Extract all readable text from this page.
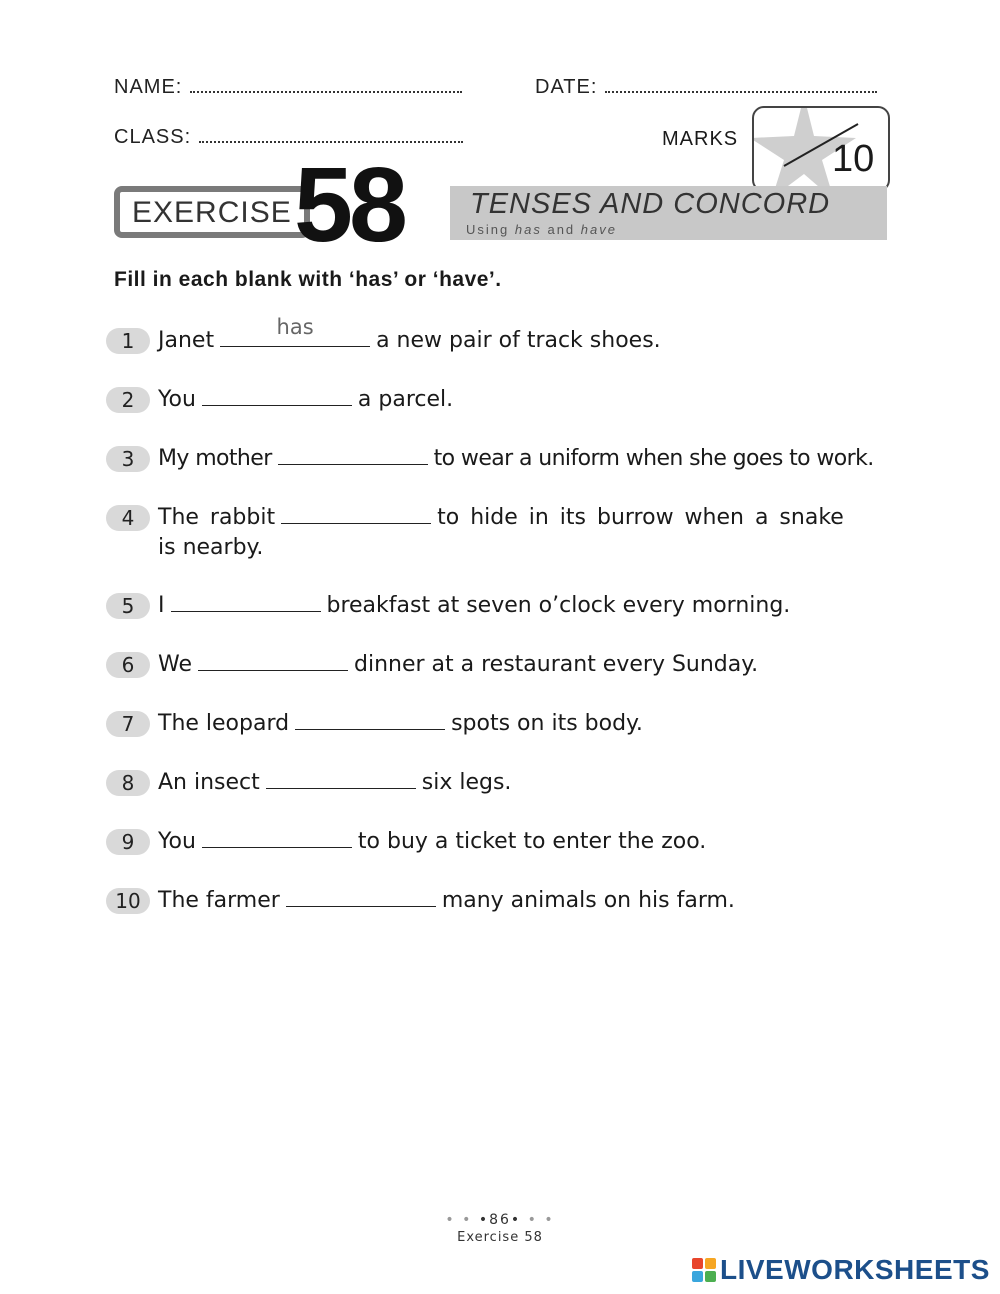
NAME:	DATE:
CLASS:	MARKS 10
EXERCISE 58 TENSES AND CONCORD
Using has and have
Fill in each blank with ‘has’ or ‘have’.
1	Janet
has
a new pair of track shoes.
2	You	a parcel.
3	My mother	to wear a uniform when she goes to work.
4	The rabbit	to hide in its burrow when a snake
is nearby.
5	I	breakfast at seven o’clock every morning.
6	We	dinner at a restaurant every Sunday.
7	The leopard	spots on its body.
8	An insect	six legs.
9	You	to buy a ticket to enter the zoo.
10 The farmer	many animals on his farm.
• • •86• • •
Exercise 58
LIVEWORKSHEETS
